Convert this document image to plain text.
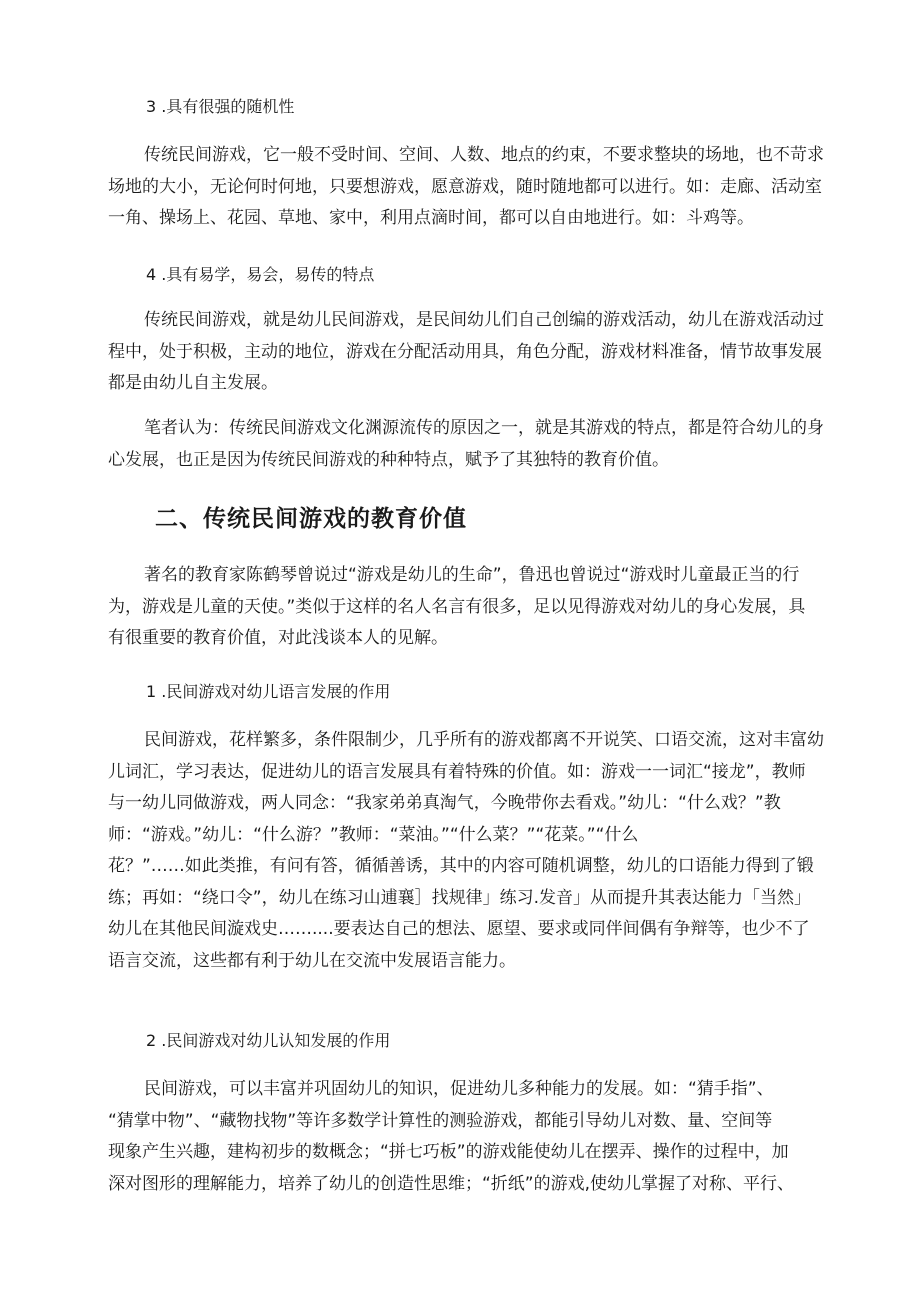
3 .具有很强的随机性
传统民间游戏，它一般不受时间、空间、人数、地点的约束，不要求整块的场地，也不苛求
场地的大小，无论何时何地，只要想游戏，愿意游戏，随时随地都可以进行。如：走廊、活动室
一角、操场上、花园、草地、家中，利用点滴时间，都可以自由地进行。如：斗鸡等。
4 .具有易学，易会，易传的特点
传统民间游戏，就是幼儿民间游戏，是民间幼儿们自己创编的游戏活动，幼儿在游戏活动过
程中，处于积极，主动的地位，游戏在分配活动用具，角色分配，游戏材料准备，情节故事发展
都是由幼儿自主发展。
笔者认为：传统民间游戏文化渊源流传的原因之一，就是其游戏的特点，都是符合幼儿的身
心发展，也正是因为传统民间游戏的种种特点，赋予了其独特的教育价值。
二、传统民间游戏的教育价值
著名的教育家陈鹤琴曾说过“游戏是幼儿的生命”，鲁迅也曾说过“游戏时儿童最正当的行
为，游戏是儿童的天使。”类似于这样的名人名言有很多，足以见得游戏对幼儿的身心发展，具
有很重要的教育价值，对此浅谈本人的见解。
1 .民间游戏对幼儿语言发展的作用
民间游戏，花样繁多，条件限制少，几乎所有的游戏都离不开说笑、口语交流，这对丰富幼
儿词汇，学习表达，促进幼儿的语言发展具有着特殊的价值。如：游戏一一词汇“接龙”，教师
与一幼儿同做游戏，两人同念：“我家弟弟真淘气，今晚带你去看戏。”幼儿：“什么戏？”教
师：“游戏。”幼儿：“什么游？”教师：“菜油。”“什么菜？”“花菜。”“什么
花？”……如此类推，有问有答，循循善诱，其中的内容可随机调整，幼儿的口语能力得到了锻
练；再如：“绕口令”，幼儿在练习山逋襄］找规律」练习.发音」从而提升其表达能力「当然」
幼儿在其他民间漩戏史……....要表达自己的想法、愿望、要求或同伴间偶有争辩等，也少不了
语言交流，这些都有利于幼儿在交流中发展语言能力。
2 .民间游戏对幼儿认知发展的作用
民间游戏，可以丰富并巩固幼儿的知识，促进幼儿多种能力的发展。如：“猜手指”、
“猜掌中物”、“藏物找物”等许多数学计算性的测验游戏，都能引导幼儿对数、量、空间等
现象产生兴趣，建构初步的数概念；“拼七巧板”的游戏能使幼儿在摆弄、操作的过程中，加
深对图形的理解能力，培养了幼儿的创造性思维；“折纸”的游戏,使幼儿掌握了对称、平行、
